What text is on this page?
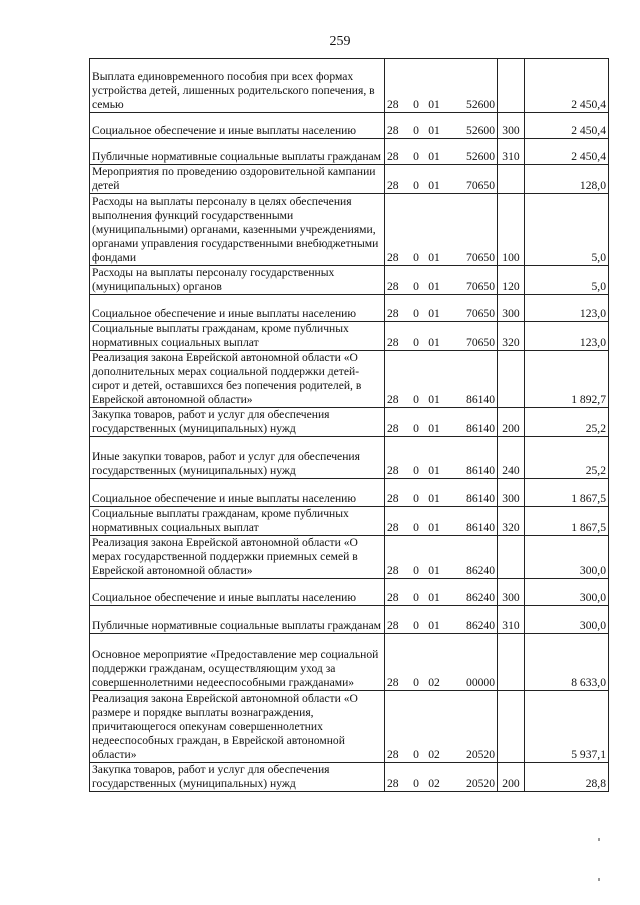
259
Выплата единовременного пособия при всех формах устройства детей, лишенных родительского попечения, в семью	28 0 01 52600		2 450,4
Социальное обеспечение и иные выплаты населению	28 0 01 52600	300	2 450,4
Публичные нормативные социальные выплаты гражданам	28 0 01 52600	310	2 450,4
Мероприятия по проведению оздоровительной кампании детей	28 0 01 70650		128,0
Расходы на выплаты персоналу в целях обеспечения выполнения функций государственными (муниципальными) органами, казенными учреждениями, органами управления государственными внебюджетными фондами	28 0 01 70650	100	5,0
Расходы на выплаты персоналу государственных (муниципальных) органов	28 0 01 70650	120	5,0
Социальное обеспечение и иные выплаты населению	28 0 01 70650	300	123,0
Социальные выплаты гражданам, кроме публичных нормативных социальных выплат	28 0 01 70650	320	123,0
Реализация закона Еврейской автономной области «О дополнительных мерах социальной поддержки детей-сирот и детей, оставшихся без попечения родителей, в Еврейской автономной области»	28 0 01 86140		1 892,7
Закупка товаров, работ и услуг для обеспечения государственных (муниципальных) нужд	28 0 01 86140	200	25,2
Иные закупки товаров, работ и услуг для обеспечения государственных (муниципальных) нужд	28 0 01 86140	240	25,2
Социальное обеспечение и иные выплаты населению	28 0 01 86140	300	1 867,5
Социальные выплаты гражданам, кроме публичных нормативных социальных выплат	28 0 01 86140	320	1 867,5
Реализация закона Еврейской автономной области «О мерах государственной поддержки приемных семей в Еврейской автономной области»	28 0 01 86240		300,0
Социальное обеспечение и иные выплаты населению	28 0 01 86240	300	300,0
Публичные нормативные социальные выплаты гражданам	28 0 01 86240	310	300,0
Основное мероприятие «Предоставление мер социальной поддержки гражданам, осуществляющим уход за совершеннолетними недееспособными гражданами»	28 0 02 00000		8 633,0
Реализация закона Еврейской автономной области «О размере и порядке выплаты вознаграждения, причитающегося опекунам совершеннолетних недееспособных граждан, в Еврейской автономной области»	28 0 02 20520		5 937,1
Закупка товаров, работ и услуг для обеспечения государственных (муниципальных) нужд	28 0 02 20520	200	28,8
